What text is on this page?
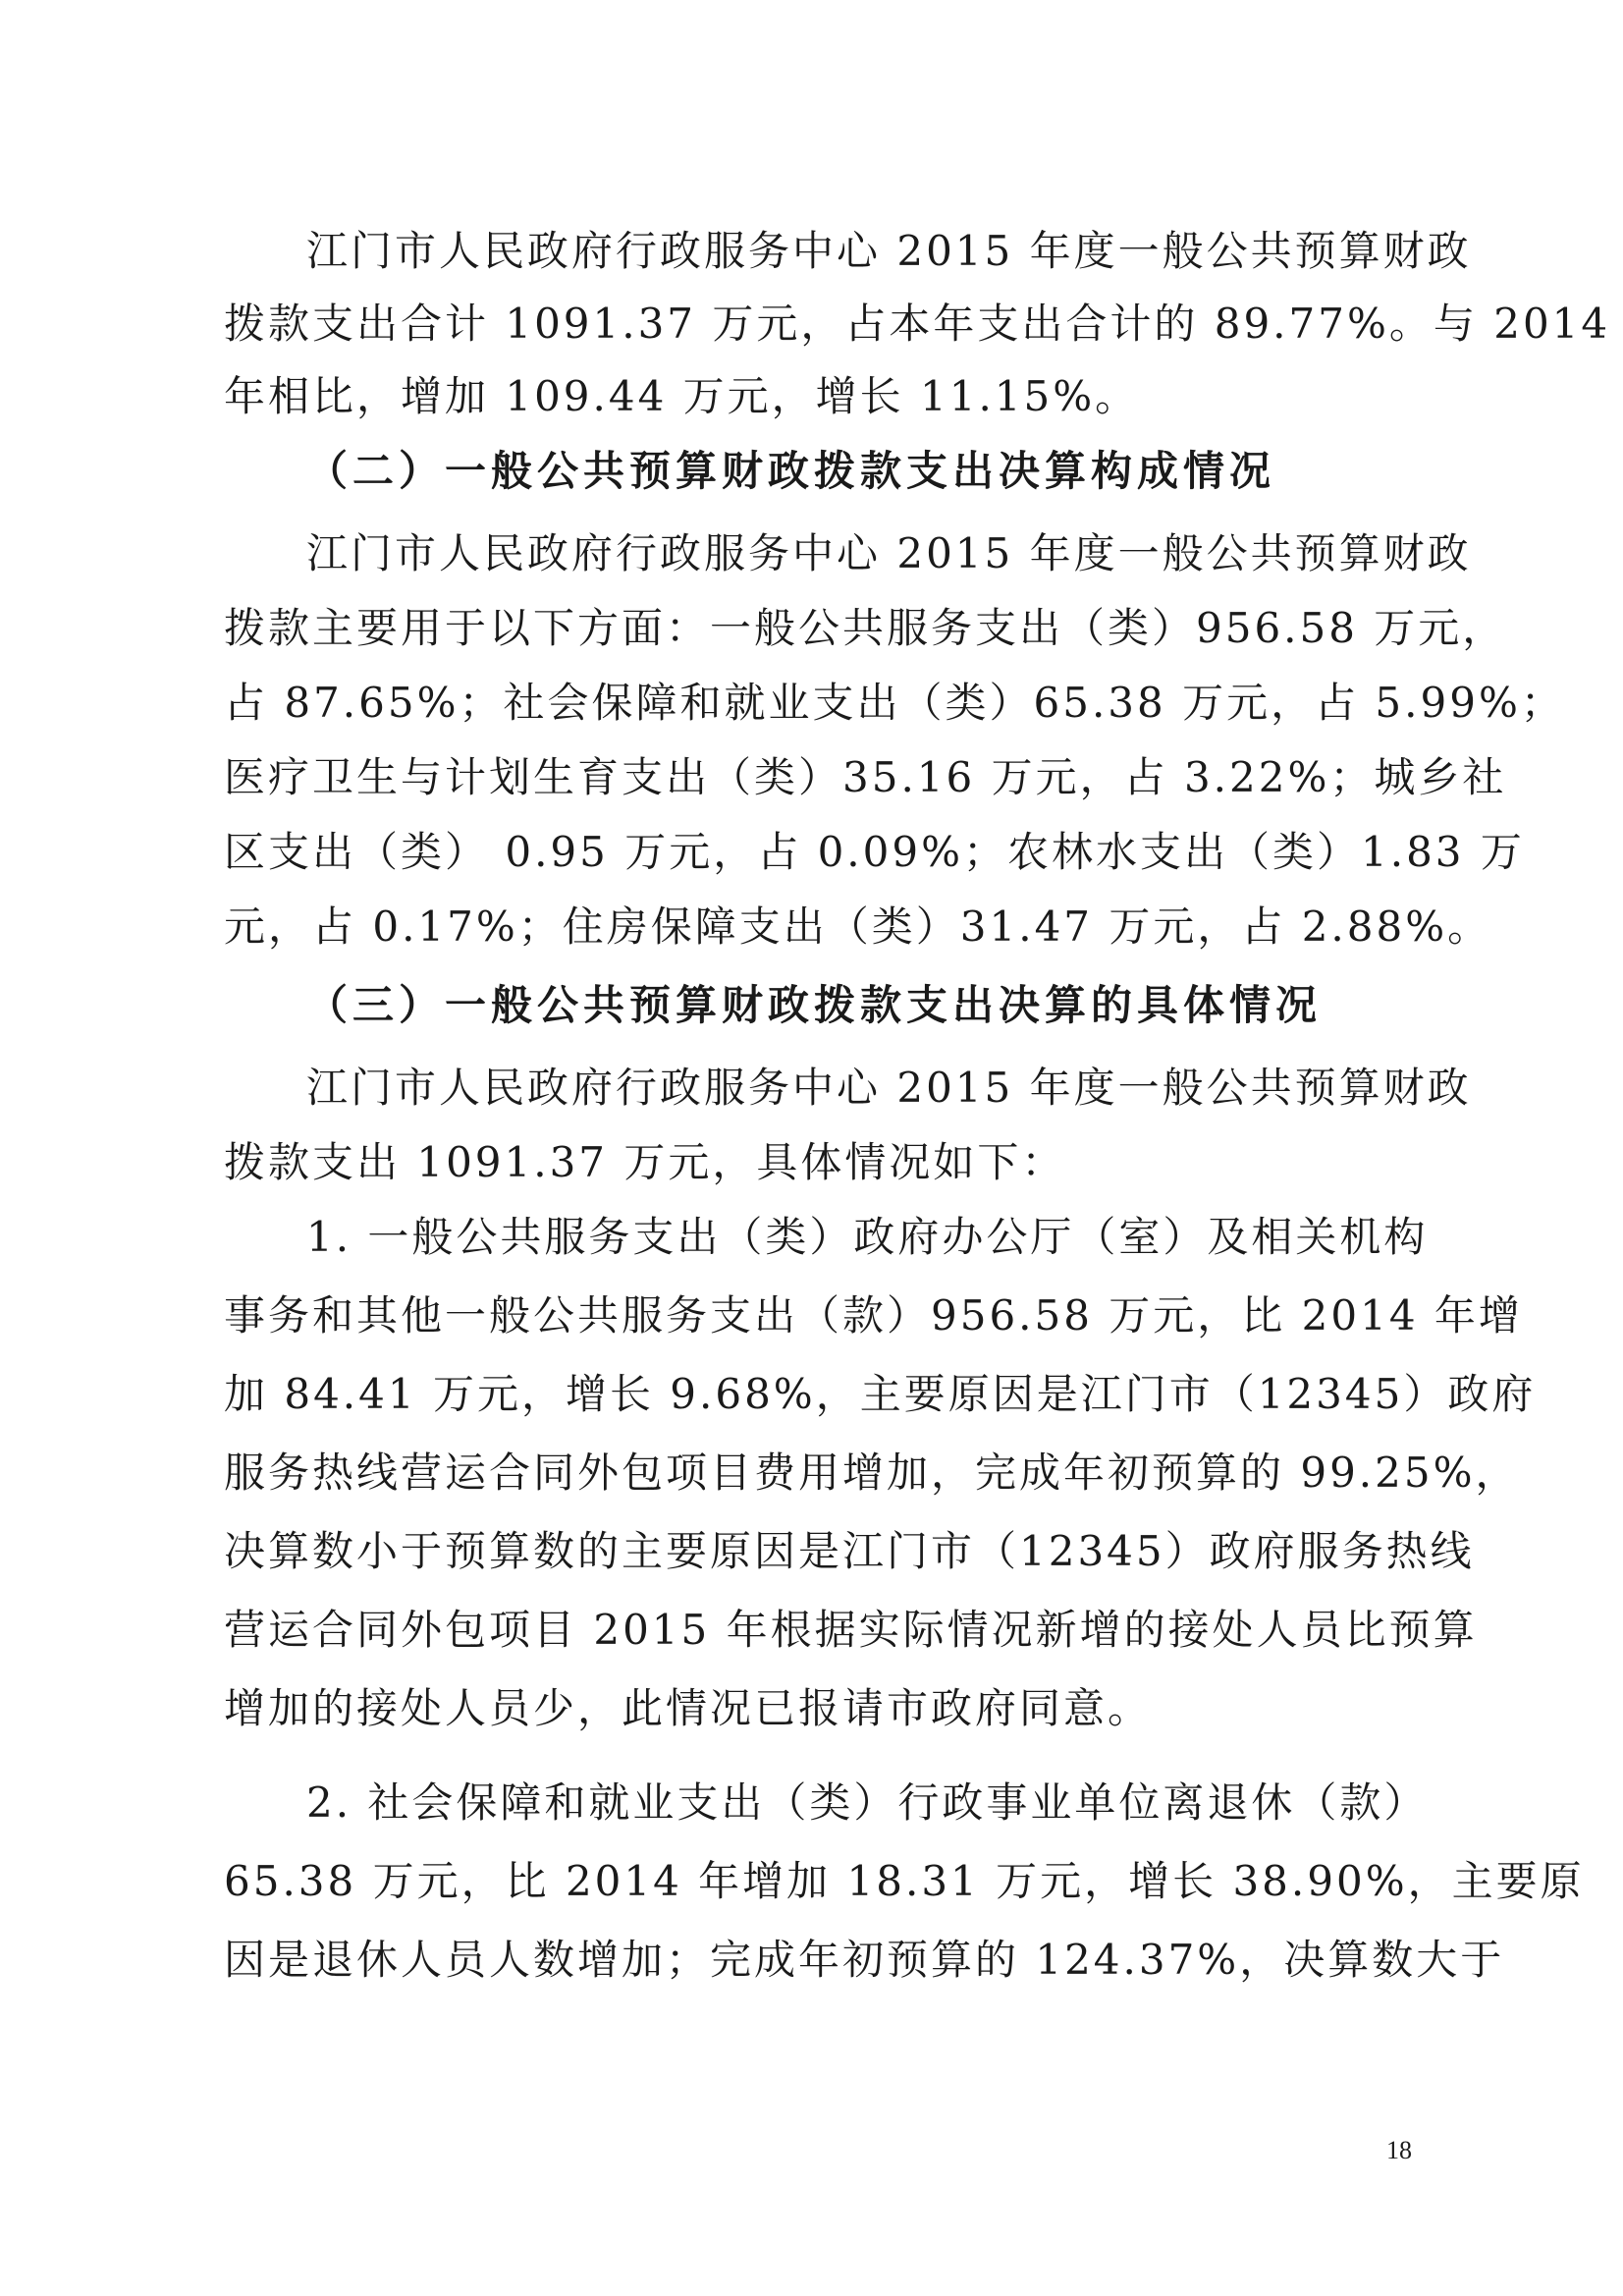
江门市人民政府行政服务中心 2015 年度一般公共预算财政
拨款支出合计 1091.37 万元，占本年支出合计的 89.77%。与 2014
年相比，增加 109.44 万元，增长 11.15%。
（二）一般公共预算财政拨款支出决算构成情况
江门市人民政府行政服务中心 2015 年度一般公共预算财政
拨款主要用于以下方面：一般公共服务支出（类）956.58 万元，
占 87.65%；社会保障和就业支出（类）65.38 万元，占 5.99%；
医疗卫生与计划生育支出（类）35.16 万元，占 3.22%；城乡社
区支出（类） 0.95 万元，占 0.09%；农林水支出（类）1.83 万
元，占 0.17%；住房保障支出（类）31.47 万元，占 2.88%。
（三）一般公共预算财政拨款支出决算的具体情况
江门市人民政府行政服务中心 2015 年度一般公共预算财政
拨款支出 1091.37 万元，具体情况如下：
1. 一般公共服务支出（类）政府办公厅（室）及相关机构
事务和其他一般公共服务支出（款）956.58 万元，比 2014 年增
加 84.41 万元，增长 9.68%，主要原因是江门市（12345）政府
服务热线营运合同外包项目费用增加，完成年初预算的 99.25%，
决算数小于预算数的主要原因是江门市（12345）政府服务热线
营运合同外包项目 2015 年根据实际情况新增的接处人员比预算
增加的接处人员少，此情况已报请市政府同意。
2. 社会保障和就业支出（类）行政事业单位离退休（款）
65.38 万元，比 2014 年增加 18.31 万元，增长 38.90%，主要原
因是退休人员人数增加；完成年初预算的 124.37%，决算数大于
18
